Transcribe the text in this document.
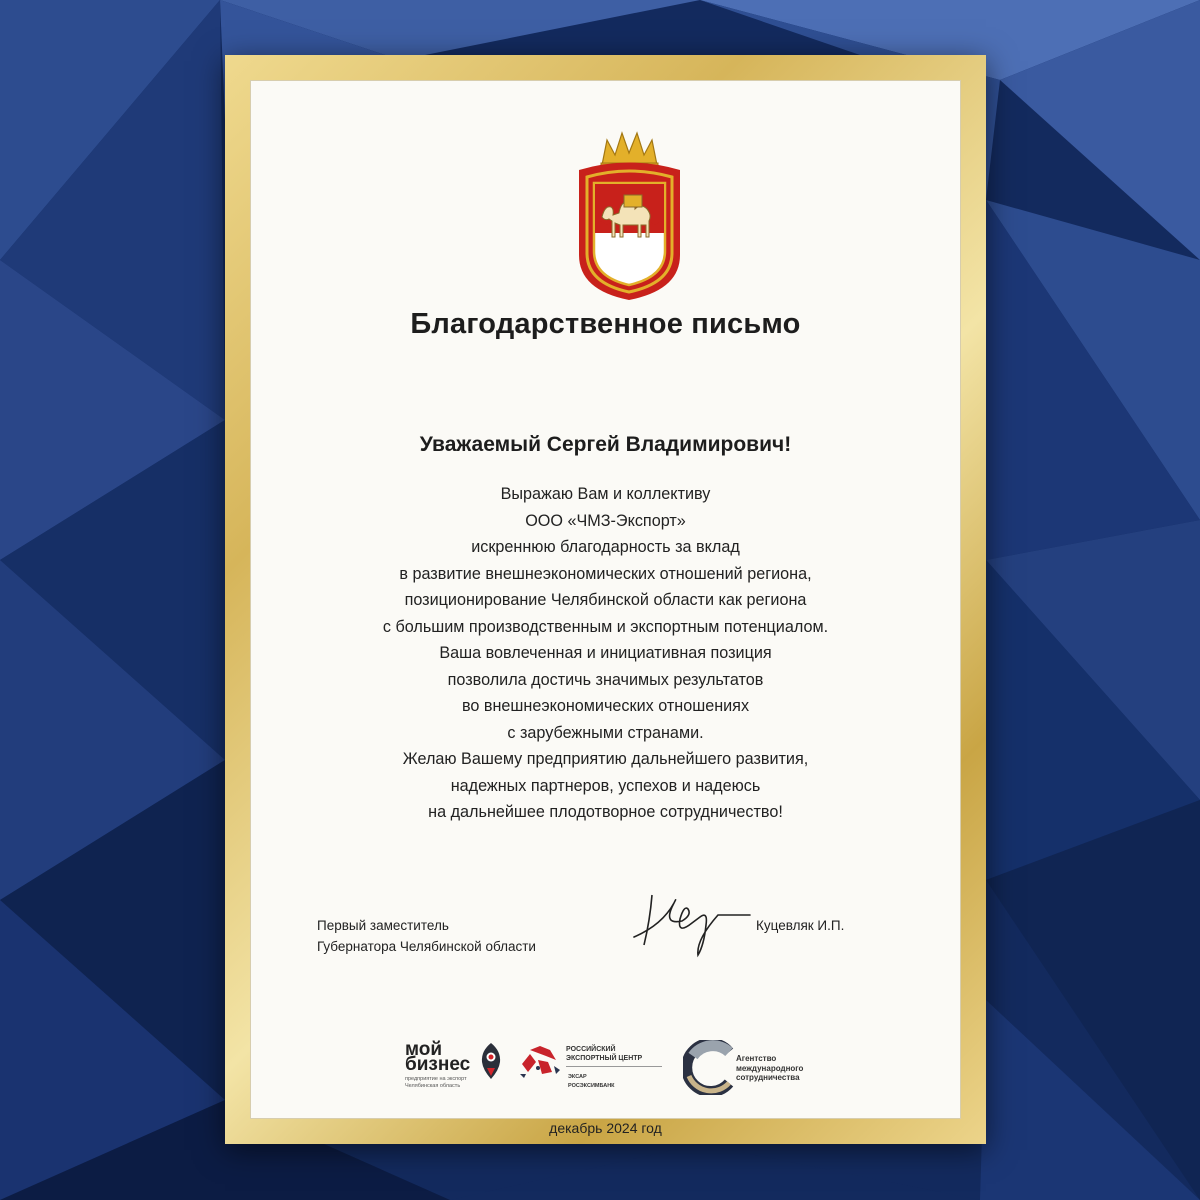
Благодарственное письмо
Уважаемый Сергей Владимирович!
Выражаю Вам и коллективу
ООО «ЧМЗ-Экспорт»
искреннюю благодарность за вклад
в развитие внешнеэкономических отношений региона,
позиционирование Челябинской области как региона
с большим производственным и экспортным потенциалом.
Ваша вовлеченная и инициативная позиция
позволила достичь значимых результатов
во внешнеэкономических отношениях
с зарубежными странами.
Желаю Вашему предприятию дальнейшего развития,
надежных партнеров, успехов и надеюсь
на дальнейшее плодотворное сотрудничество!
Первый заместитель
Губернатора Челябинской области
Куцевляк И.П.
мой
бизнес
предприятие на экспорт
Челябинская область
РОССИЙСКИЙ
ЭКСПОРТНЫЙ ЦЕНТР
ЭКСАР
РОСЭКСИМБАНК
Агентство
международного
сотрудничества
декабрь 2024 год
